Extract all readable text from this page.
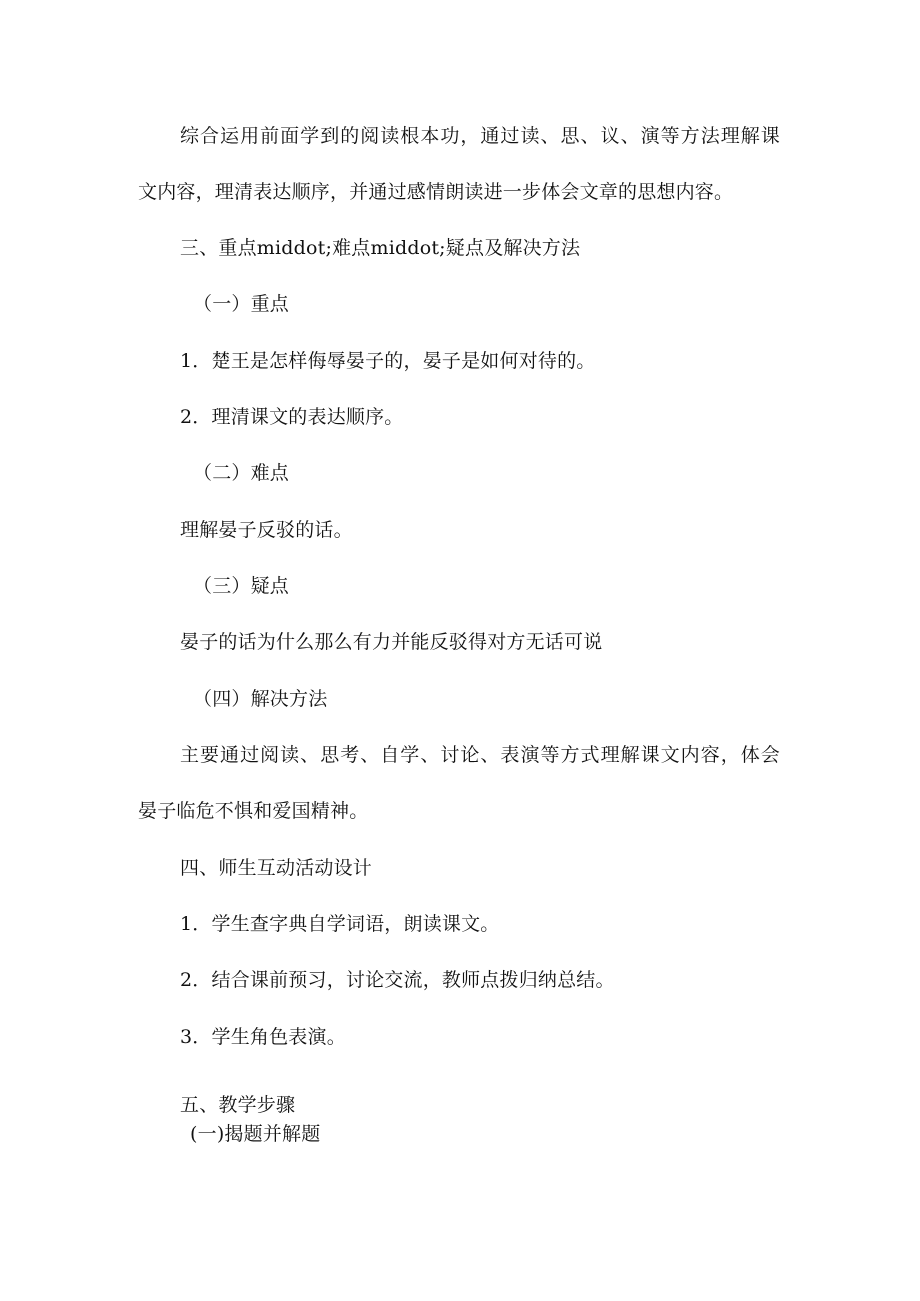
综合运用前面学到的阅读根本功，通过读、思、议、演等方法理解课
文内容，理清表达顺序，并通过感情朗读进一步体会文章的思想内容。
三、重点middot;难点middot;疑点及解决方法
（一）重点
1．楚王是怎样侮辱晏子的，晏子是如何对待的。
2．理清课文的表达顺序。
（二）难点
理解晏子反驳的话。
（三）疑点
晏子的话为什么那么有力并能反驳得对方无话可说
（四）解决方法
主要通过阅读、思考、自学、讨论、表演等方式理解课文内容，体会
晏子临危不惧和爱国精神。
四、师生互动活动设计
1．学生查字典自学词语，朗读课文。
2．结合课前预习，讨论交流，教师点拨归纳总结。
3．学生角色表演。
五、教学步骤
(一)揭题并解题
